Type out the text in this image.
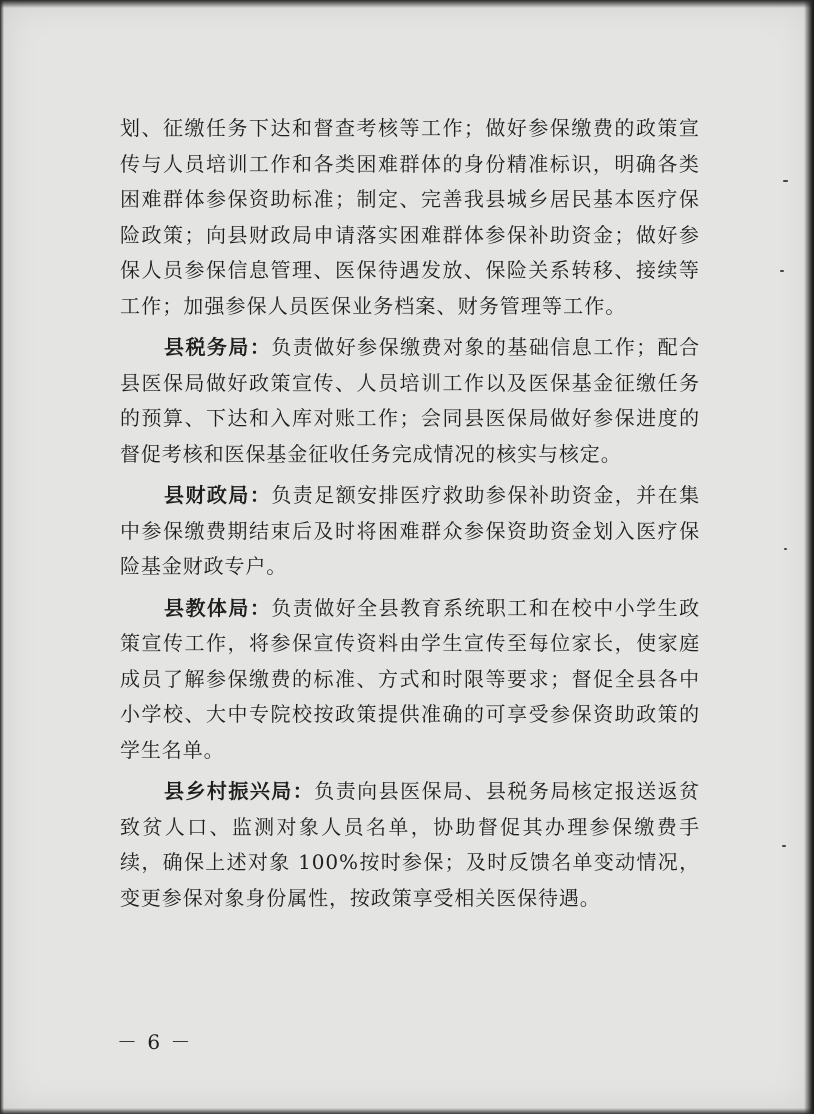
划、征缴任务下达和督查考核等工作；做好参保缴费的政策宣传与人员培训工作和各类困难群体的身份精准标识，明确各类困难群体参保资助标准；制定、完善我县城乡居民基本医疗保险政策；向县财政局申请落实困难群体参保补助资金；做好参保人员参保信息管理、医保待遇发放、保险关系转移、接续等工作；加强参保人员医保业务档案、财务管理等工作。

县税务局：负责做好参保缴费对象的基础信息工作；配合县医保局做好政策宣传、人员培训工作以及医保基金征缴任务的预算、下达和入库对账工作；会同县医保局做好参保进度的督促考核和医保基金征收任务完成情况的核实与核定。

县财政局：负责足额安排医疗救助参保补助资金，并在集中参保缴费期结束后及时将困难群众参保资助资金划入医疗保险基金财政专户。

县教体局：负责做好全县教育系统职工和在校中小学生政策宣传工作，将参保宣传资料由学生宣传至每位家长，使家庭成员了解参保缴费的标准、方式和时限等要求；督促全县各中小学校、大中专院校按政策提供准确的可享受参保资助政策的学生名单。

县乡村振兴局：负责向县医保局、县税务局核定报送返贫致贫人口、监测对象人员名单，协助督促其办理参保缴费手续，确保上述对象 100%按时参保；及时反馈名单变动情况，变更参保对象身份属性，按政策享受相关医保待遇。

－ 6 －
